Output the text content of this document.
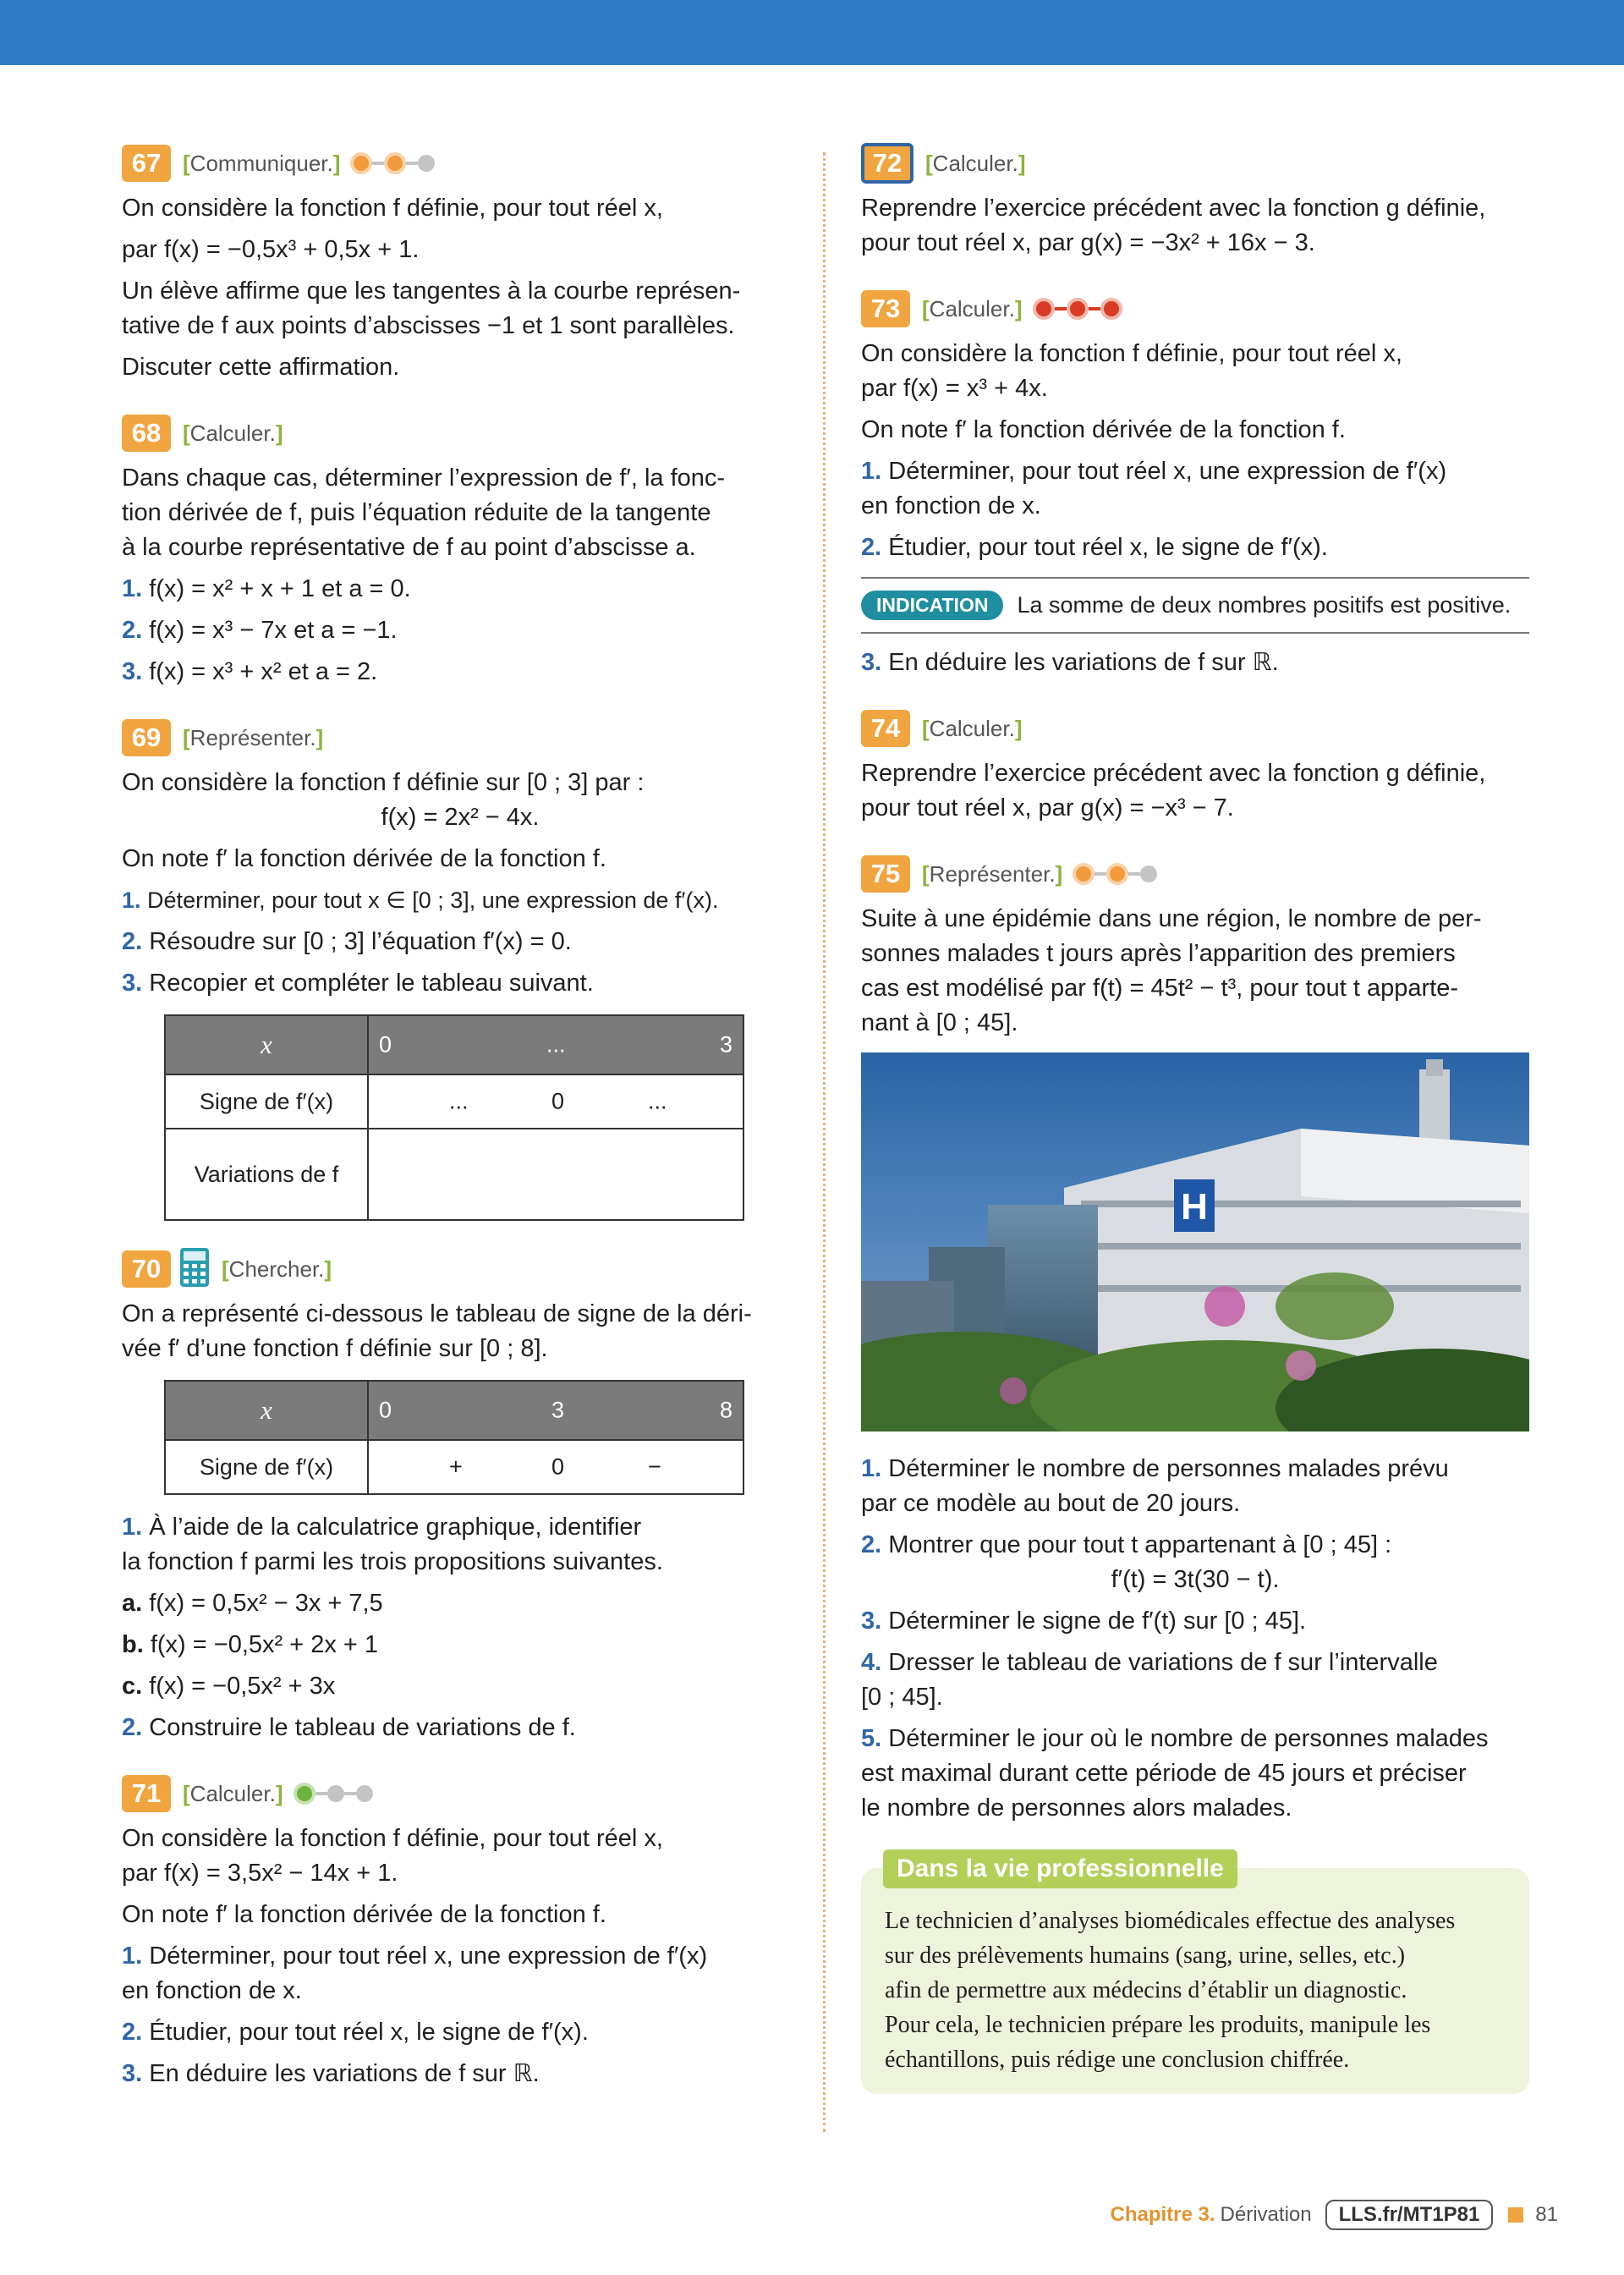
67 [Communiquer.]

On considère la fonction f définie, pour tout réel x,

par f(x) = −0,5x³ + 0,5x + 1.

Un élève affirme que les tangentes à la courbe représen-

tative de f aux points d’abscisses −1 et 1 sont parallèles.

Discuter cette affirmation.

68 [Calculer.]

Dans chaque cas, déterminer l’expression de f′, la fonc-

tion dérivée de f, puis l’équation réduite de la tangente

à la courbe représentative de f au point d’abscisse a.

1. f(x) = x² + x + 1 et a = 0.

2. f(x) = x³ − 7x et a = −1.

3. f(x) = x³ + x² et a = 2.

69 [Représenter.]

On considère la fonction f définie sur [0 ; 3] par :

f(x) = 2x² − 4x.

On note f′ la fonction dérivée de la fonction f.

1. Déterminer, pour tout x ∈ [0 ; 3], une expression de f′(x).

2. Résoudre sur [0 ; 3] l’équation f′(x) = 0.

3. Recopier et compléter le tableau suivant.

x	0 ... 3

Signe de f′(x)	... 0 ...

Variations de f	
70	[Chercher.]

On a représenté ci-dessous le tableau de signe de la déri-

vée f′ d’une fonction f définie sur [0 ; 8].

x	0 3 8

Signe de f′(x)	+ 0 −

1. À l’aide de la calculatrice graphique, identifier

la fonction f parmi les trois propositions suivantes.

a. f(x) = 0,5x² − 3x + 7,5

b. f(x) = −0,5x² + 2x + 1

c. f(x) = −0,5x² + 3x

2. Construire le tableau de variations de f.

71 [Calculer.]

On considère la fonction f définie, pour tout réel x,

par f(x) = 3,5x² − 14x + 1.

On note f′ la fonction dérivée de la fonction f.

1. Déterminer, pour tout réel x, une expression de f′(x)

en fonction de x.

2. Étudier, pour tout réel x, le signe de f′(x).

3. En déduire les variations de f sur ℝ.

72	[Calculer.]

Reprendre l’exercice précédent avec la fonction g définie,

pour tout réel x, par g(x) = −3x² + 16x − 3.

73 [Calculer.]

On considère la fonction f définie, pour tout réel x,

par f(x) = x³ + 4x.

On note f′ la fonction dérivée de la fonction f.

1. Déterminer, pour tout réel x, une expression de f′(x)

en fonction de x.

2. Étudier, pour tout réel x, le signe de f′(x).

INDICATION	La somme de deux nombres positifs est positive.

3. En déduire les variations de f sur ℝ.

74 [Calculer.]

Reprendre l’exercice précédent avec la fonction g définie,

pour tout réel x, par g(x) = −x³ − 7.

75 [Représenter.]

Suite à une épidémie dans une région, le nombre de per-

sonnes malades t jours après l’apparition des premiers

cas est modélisé par f(t) = 45t² − t³, pour tout t apparte-

nant à [0 ; 45].

H

1. Déterminer le nombre de personnes malades prévu

par ce modèle au bout de 20 jours.

2. Montrer que pour tout t appartenant à [0 ; 45] :

f′(t) = 3t(30 − t).

3. Déterminer le signe de f′(t) sur [0 ; 45].

4. Dresser le tableau de variations de f sur l’intervalle

[0 ; 45].

5. Déterminer le jour où le nombre de personnes malades

est maximal durant cette période de 45 jours et préciser

le nombre de personnes alors malades.

Dans la vie professionnelle
Le technicien d’analyses biomédicales effectue des analyses
sur des prélèvements humains (sang, urine, selles, etc.)
afin de permettre aux médecins d’établir un diagnostic.
Pour cela, le technicien prépare les produits, manipule les
échantillons, puis rédige une conclusion chiffrée.
Chapitre 3. Dérivation	LLS.fr/MT1P81	81
